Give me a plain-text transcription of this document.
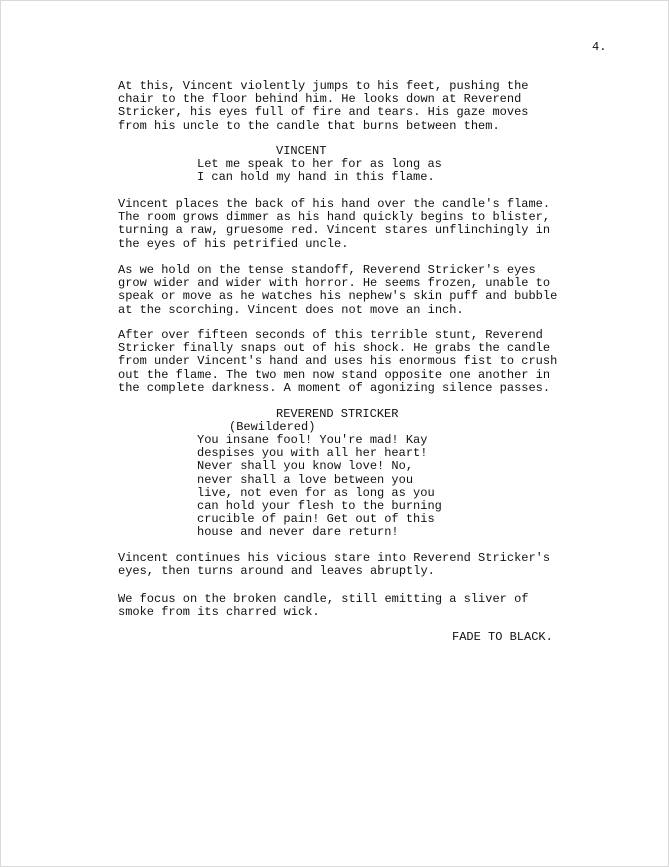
4.
At this, Vincent violently jumps to his feet, pushing the
chair to the floor behind him. He looks down at Reverend
Stricker, his eyes full of fire and tears. His gaze moves
from his uncle to the candle that burns between them.
VINCENT
Let me speak to her for as long as
I can hold my hand in this flame.
Vincent places the back of his hand over the candle's flame.
The room grows dimmer as his hand quickly begins to blister,
turning a raw, gruesome red. Vincent stares unflinchingly in
the eyes of his petrified uncle.
As we hold on the tense standoff, Reverend Stricker's eyes
grow wider and wider with horror. He seems frozen, unable to
speak or move as he watches his nephew's skin puff and bubble
at the scorching. Vincent does not move an inch.
After over fifteen seconds of this terrible stunt, Reverend
Stricker finally snaps out of his shock. He grabs the candle
from under Vincent's hand and uses his enormous fist to crush
out the flame. The two men now stand opposite one another in
the complete darkness. A moment of agonizing silence passes.
REVEREND STRICKER
(Bewildered)
You insane fool! You're mad! Kay
despises you with all her heart!
Never shall you know love! No,
never shall a love between you
live, not even for as long as you
can hold your flesh to the burning
crucible of pain! Get out of this
house and never dare return!
Vincent continues his vicious stare into Reverend Stricker's
eyes, then turns around and leaves abruptly.
We focus on the broken candle, still emitting a sliver of
smoke from its charred wick.
FADE TO BLACK.
